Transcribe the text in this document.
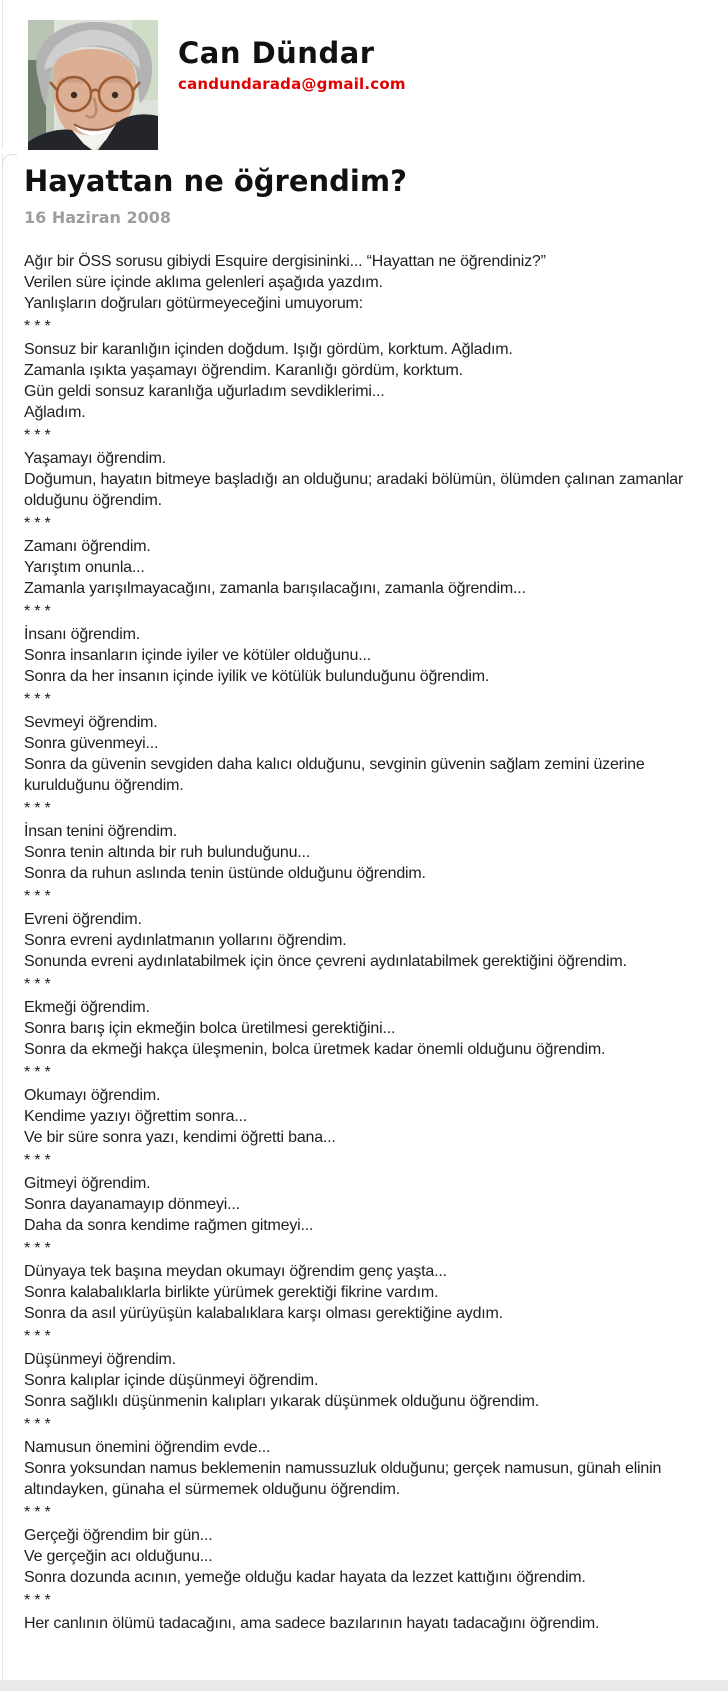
Can Dündar
candundarada@gmail.com
Hayattan ne öğrendim?
16 Haziran 2008

Ağır bir ÖSS sorusu gibiydi Esquire dergisininki... “Hayattan ne öğrendiniz?”
Verilen süre içinde aklıma gelenleri aşağıda yazdım.
Yanlışların doğruları götürmeyeceğini umuyorum:

* * *

Sonsuz bir karanlığın içinden doğdum. Işığı gördüm, korktum. Ağladım.
Zamanla ışıkta yaşamayı öğrendim. Karanlığı gördüm, korktum.
Gün geldi sonsuz karanlığa uğurladım sevdiklerimi...
Ağladım.

* * *

Yaşamayı öğrendim.
Doğumun, hayatın bitmeye başladığı an olduğunu; aradaki bölümün, ölümden çalınan zamanlar olduğunu öğrendim.

* * *

Zamanı öğrendim.
Yarıştım onunla...
Zamanla yarışılmayacağını, zamanla barışılacağını, zamanla öğrendim...

* * *

İnsanı öğrendim.
Sonra insanların içinde iyiler ve kötüler olduğunu...
Sonra da her insanın içinde iyilik ve kötülük bulunduğunu öğrendim.

* * *

Sevmeyi öğrendim.
Sonra güvenmeyi...
Sonra da güvenin sevgiden daha kalıcı olduğunu, sevginin güvenin sağlam zemini üzerine kurulduğunu öğrendim.

* * *

İnsan tenini öğrendim.
Sonra tenin altında bir ruh bulunduğunu...
Sonra da ruhun aslında tenin üstünde olduğunu öğrendim.

* * *

Evreni öğrendim.
Sonra evreni aydınlatmanın yollarını öğrendim.
Sonunda evreni aydınlatabilmek için önce çevreni aydınlatabilmek gerektiğini öğrendim.

* * *

Ekmeği öğrendim.
Sonra barış için ekmeğin bolca üretilmesi gerektiğini...
Sonra da ekmeği hakça üleşmenin, bolca üretmek kadar önemli olduğunu öğrendim.

* * *

Okumayı öğrendim.
Kendime yazıyı öğrettim sonra...
Ve bir süre sonra yazı, kendimi öğretti bana...

* * *

Gitmeyi öğrendim.
Sonra dayanamayıp dönmeyi...
Daha da sonra kendime rağmen gitmeyi...

* * *

Dünyaya tek başına meydan okumayı öğrendim genç yaşta...
Sonra kalabalıklarla birlikte yürümek gerektiği fikrine vardım.
Sonra da asıl yürüyüşün kalabalıklara karşı olması gerektiğine aydım.

* * *

Düşünmeyi öğrendim.
Sonra kalıplar içinde düşünmeyi öğrendim.
Sonra sağlıklı düşünmenin kalıpları yıkarak düşünmek olduğunu öğrendim.

* * *

Namusun önemini öğrendim evde...
Sonra yoksundan namus beklemenin namussuzluk olduğunu; gerçek namusun, günah elinin altındayken, günaha el sürmemek olduğunu öğrendim.

* * *

Gerçeği öğrendim bir gün...
Ve gerçeğin acı olduğunu...
Sonra dozunda acının, yemeğe olduğu kadar hayata da lezzet kattığını öğrendim.

* * *

Her canlının ölümü tadacağını, ama sadece bazılarının hayatı tadacağını öğrendim.
